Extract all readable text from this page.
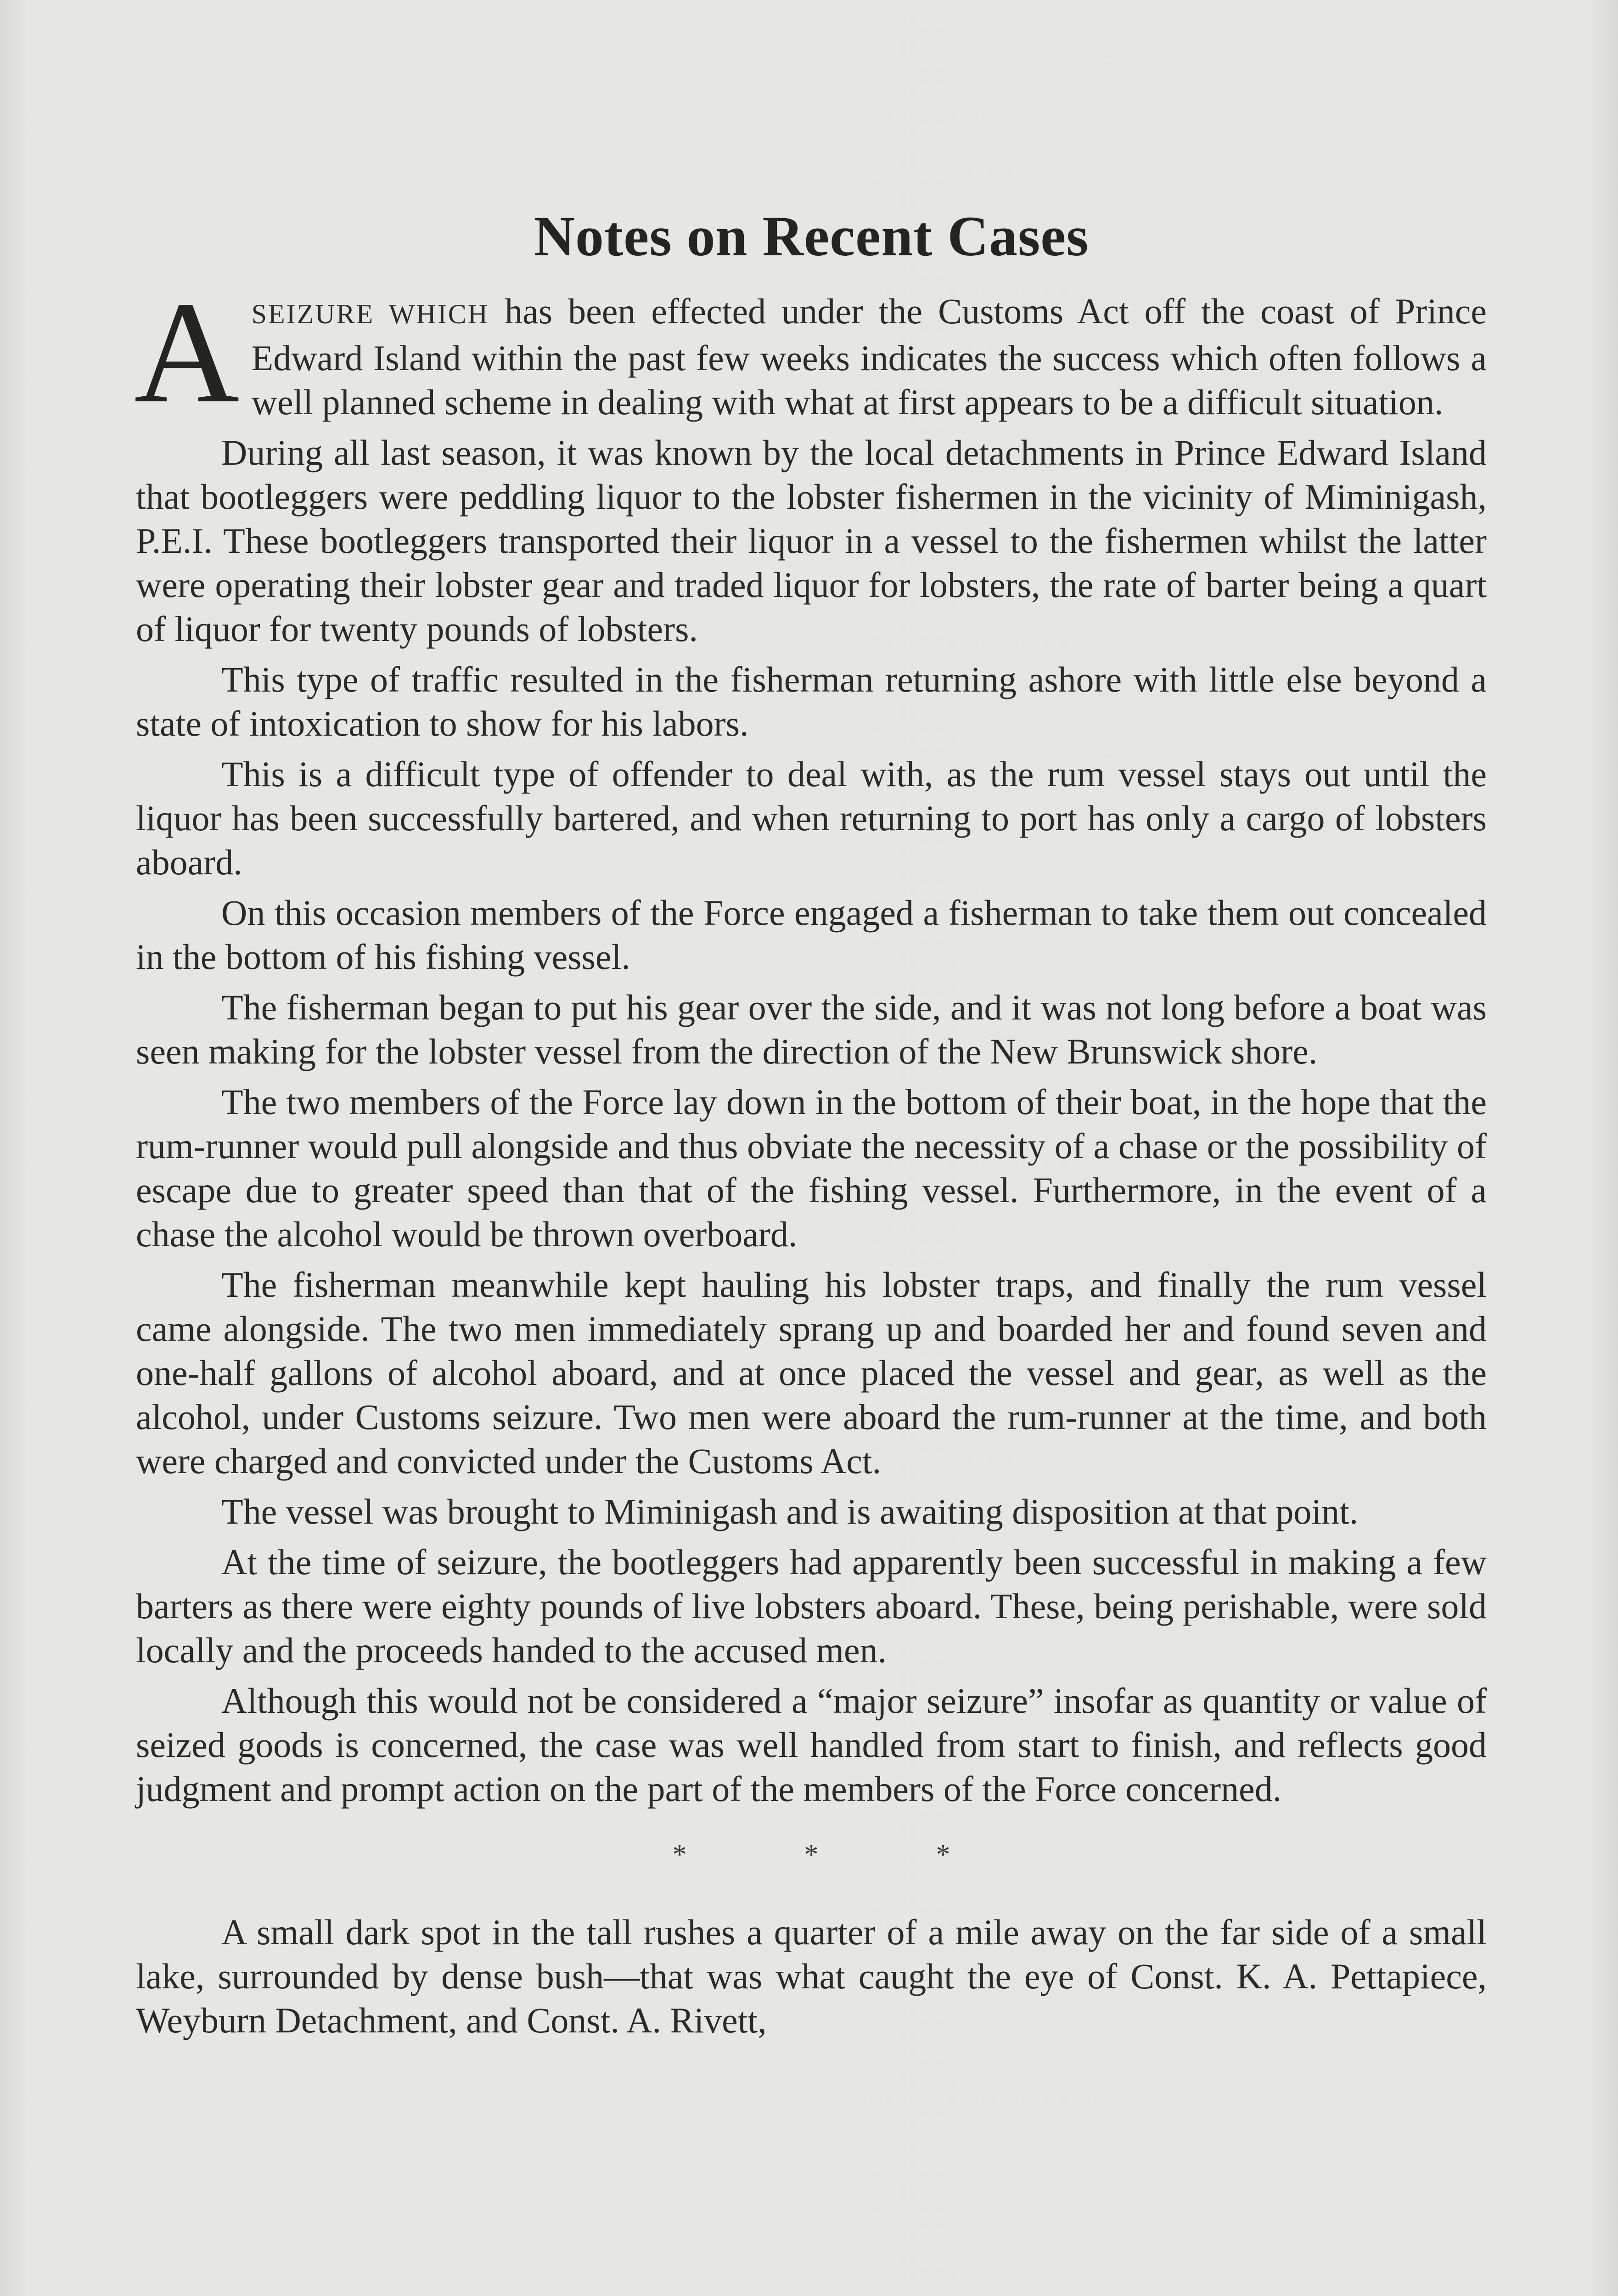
Notes on Recent Cases

ASEIZURE WHICH has been effected under the Customs Act off the coast of Prince Edward Island within the past few weeks indicates the success which often follows a well planned scheme in dealing with what at first appears to be a difficult situation.

During all last season, it was known by the local detachments in Prince Edward Island that bootleggers were peddling liquor to the lobster fishermen in the vicinity of Miminigash, P.E.I. These bootleggers transported their liquor in a vessel to the fishermen whilst the latter were operating their lobster gear and traded liquor for lobsters, the rate of barter being a quart of liquor for twenty pounds of lobsters.

This type of traffic resulted in the fisherman returning ashore with little else beyond a state of intoxication to show for his labors.

This is a difficult type of offender to deal with, as the rum vessel stays out until the liquor has been successfully bartered, and when returning to port has only a cargo of lobsters aboard.

On this occasion members of the Force engaged a fisherman to take them out concealed in the bottom of his fishing vessel.

The fisherman began to put his gear over the side, and it was not long before a boat was seen making for the lobster vessel from the direction of the New Brunswick shore.

The two members of the Force lay down in the bottom of their boat, in the hope that the rum-runner would pull alongside and thus obviate the necessity of a chase or the possibility of escape due to greater speed than that of the fishing vessel. Furthermore, in the event of a chase the alcohol would be thrown overboard.

The fisherman meanwhile kept hauling his lobster traps, and finally the rum vessel came alongside. The two men immediately sprang up and boarded her and found seven and one-half gallons of alcohol aboard, and at once placed the vessel and gear, as well as the alcohol, under Customs seizure. Two men were aboard the rum-runner at the time, and both were charged and convicted under the Customs Act.

The vessel was brought to Miminigash and is awaiting disposition at that point.

At the time of seizure, the bootleggers had apparently been successful in making a few barters as there were eighty pounds of live lobsters aboard. These, being perishable, were sold locally and the proceeds handed to the accused men.

Although this would not be considered a “major seizure” insofar as quantity or value of seized goods is concerned, the case was well handled from start to finish, and reflects good judgment and prompt action on the part of the members of the Force concerned.

*	*	*

A small dark spot in the tall rushes a quarter of a mile away on the far side of a small lake, surrounded by dense bush—that was what caught the eye of Const. K. A. Pettapiece, Weyburn Detachment, and Const. A. Rivett,
